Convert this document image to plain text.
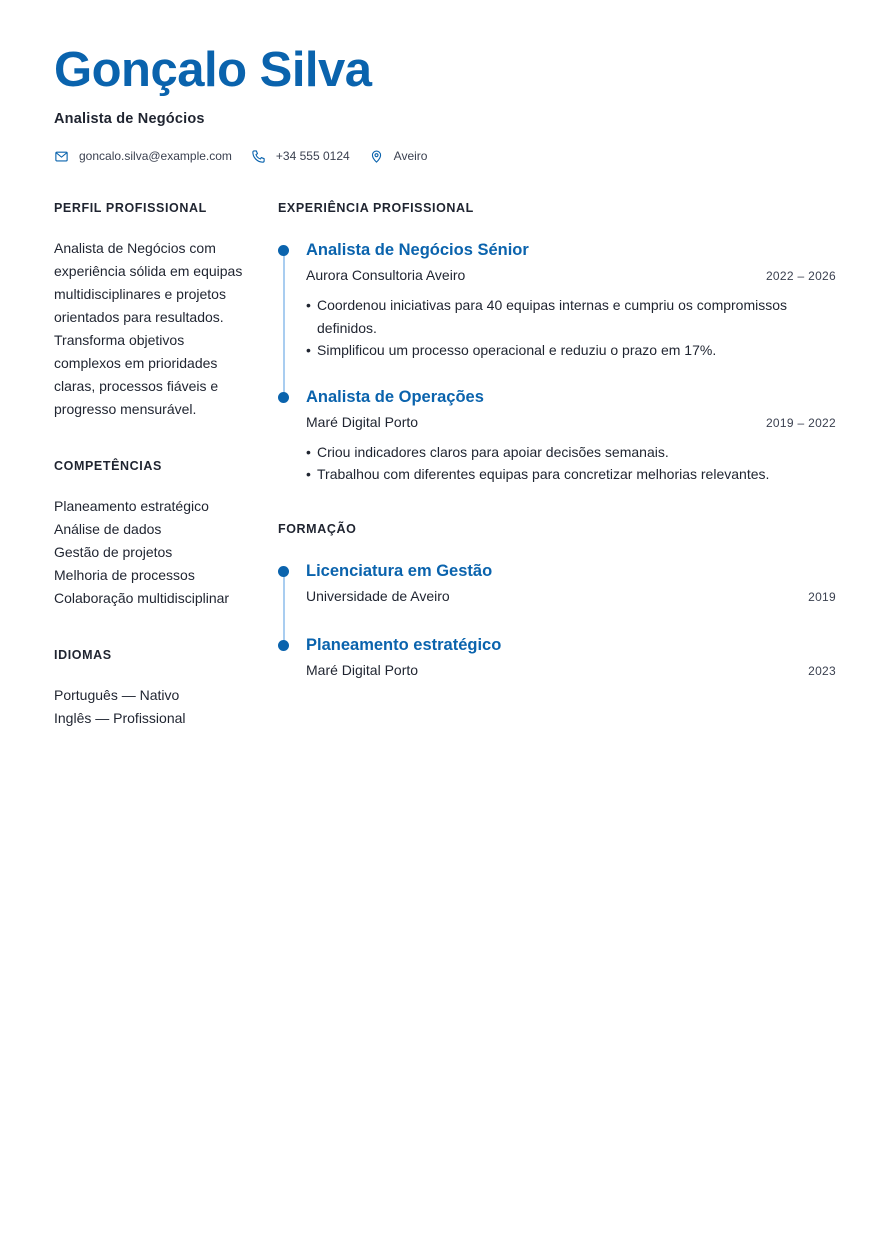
Gonçalo Silva
Analista de Negócios
goncalo.silva@example.com	+34 555 0124	Aveiro
PERFIL PROFISSIONAL
Analista de Negócios com experiência sólida em equipas multidisciplinares e projetos orientados para resultados. Transforma objetivos complexos em prioridades claras, processos fiáveis e progresso mensurável.
COMPETÊNCIAS
Planeamento estratégico
Análise de dados
Gestão de projetos
Melhoria de processos
Colaboração multidisciplinar
IDIOMAS
Português — Nativo
Inglês — Profissional
EXPERIÊNCIA PROFISSIONAL
Analista de Negócios Sénior
Aurora Consultoria Aveiro	2022 – 2026
• Coordenou iniciativas para 40 equipas internas e cumpriu os compromissos definidos.
• Simplificou um processo operacional e reduziu o prazo em 17%.
Analista de Operações
Maré Digital Porto	2019 – 2022
• Criou indicadores claros para apoiar decisões semanais.
• Trabalhou com diferentes equipas para concretizar melhorias relevantes.
FORMAÇÃO
Licenciatura em Gestão
Universidade de Aveiro	2019
Planeamento estratégico
Maré Digital Porto	2023
